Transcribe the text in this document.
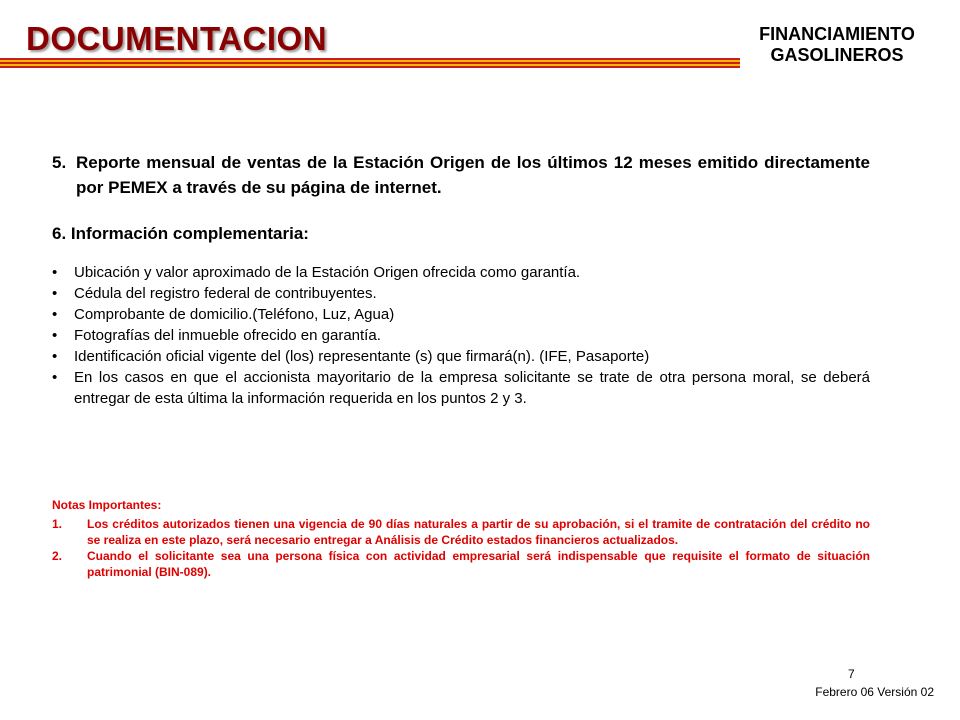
DOCUMENTACION	FINANCIAMIENTO
GASOLINEROS
5. Reporte mensual de ventas de la Estación Origen de los últimos 12 meses emitido directamente por PEMEX a través de su página de internet.
6. Información complementaria:
• Ubicación y valor aproximado de la Estación Origen ofrecida como garantía.
• Cédula del registro federal de contribuyentes.
• Comprobante de domicilio.(Teléfono, Luz, Agua)
• Fotografías del inmueble ofrecido en garantía.
• Identificación oficial vigente del (los) representante (s) que firmará(n). (IFE, Pasaporte)
• En los casos en que el accionista mayoritario de la empresa solicitante se trate de otra persona moral, se deberá entregar de esta última la información requerida en los puntos 2 y 3.
Notas Importantes:
1. Los créditos autorizados tienen una vigencia de 90 días naturales a partir de su aprobación, si el tramite de contratación del crédito no se realiza en este plazo, será necesario entregar a Análisis de Crédito estados financieros actualizados.
2. Cuando el solicitante sea una persona física con actividad empresarial será indispensable que requisite el formato de situación patrimonial (BIN-089).
7
Febrero 06 Versión 02
